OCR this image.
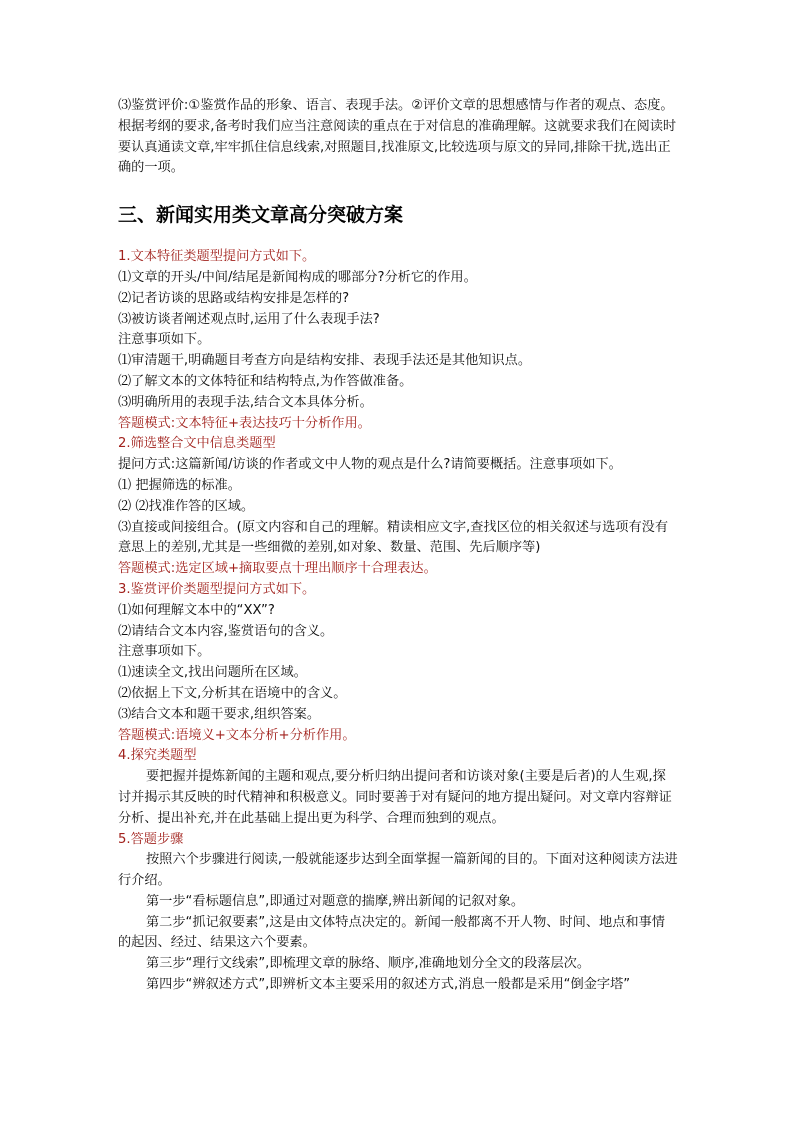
⑶鉴赏评价:①鉴赏作品的形象、语言、表现手法。②评价文章的思想感情与作者的观点、态度。

根据考纲的要求,备考时我们应当注意阅读的重点在于对信息的准确理解。这就要求我们在阅读时要认真通读文章,牢牢抓住信息线索,对照题目,找准原文,比较选项与原文的异同,排除干扰,选出正确的一项。

三、新闻实用类文章高分突破方案

1.文本特征类题型提问方式如下。

⑴文章的开头/中间/结尾是新闻构成的哪部分?分析它的作用。

⑵记者访谈的思路或结构安排是怎样的?

⑶被访谈者阐述观点时,运用了什么表现手法?

注意事项如下。

⑴审清题干,明确题目考查方向是结构安排、表现手法还是其他知识点。

⑵了解文本的文体特征和结构特点,为作答做准备。

⑶明确所用的表现手法,结合文本具体分析。

答题模式:文本特征+表达技巧十分析作用。

2.筛选整合文中信息类题型

提问方式:这篇新闻/访谈的作者或文中人物的观点是什么?请简要概括。注意事项如下。

⑴ 把握筛选的标准。

⑵ ⑵找准作答的区域。

⑶直接或间接组合。(原文内容和自己的理解。精读相应文字,查找区位的相关叙述与选项有没有意思上的差别,尤其是一些细微的差别,如对象、数量、范围、先后顺序等)

答题模式:选定区域+摘取要点十理出顺序十合理表达。

3.鉴赏评价类题型提问方式如下。

⑴如何理解文本中的“XX”?

⑵请结合文本内容,鉴赏语句的含义。

注意事项如下。

⑴速读全文,找出问题所在区域。

⑵依据上下文,分析其在语境中的含义。

⑶结合文本和题干要求,组织答案。

答题模式:语境义+文本分析+分析作用。

4.探究类题型

要把握并提炼新闻的主题和观点,要分析归纳出提问者和访谈对象(主要是后者)的人生观,探讨并揭示其反映的时代精神和积极意义。同时要善于对有疑问的地方提出疑问。对文章内容辩证分析、提出补充,并在此基础上提出更为科学、合理而独到的观点。

5.答题步骤

按照六个步骤进行阅读,一般就能逐步达到全面掌握一篇新闻的目的。下面对这种阅读方法进行介绍。

第一步“看标题信息”,即通过对题意的揣摩,辨出新闻的记叙对象。

第二步“抓记叙要素”,这是由文体特点决定的。新闻一般都离不开人物、时间、地点和事情的起因、经过、结果这六个要素。

第三步“理行文线索”,即梳理文章的脉络、顺序,准确地划分全文的段落层次。

第四步“辨叙述方式”,即辨析文本主要采用的叙述方式,消息一般都是采用“倒金字塔”
